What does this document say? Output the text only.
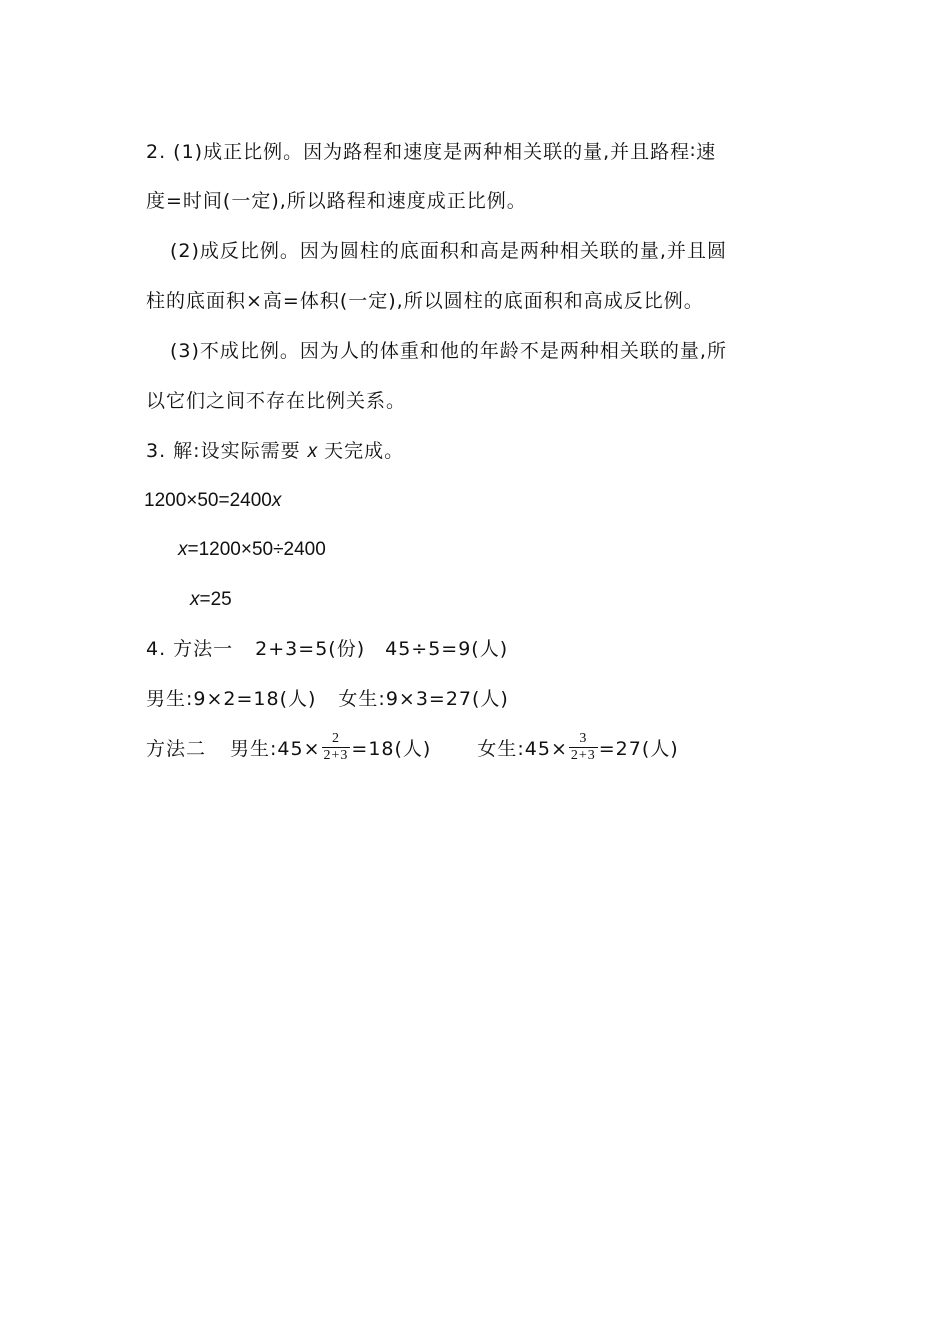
2. (1)成正比例。因为路程和速度是两种相关联的量,并且路程∶速
度=时间(一定),所以路程和速度成正比例。
(2)成反比例。因为圆柱的底面积和高是两种相关联的量,并且圆
柱的底面积×高=体积(一定),所以圆柱的底面积和高成反比例。
(3)不成比例。因为人的体重和他的年龄不是两种相关联的量,所
以它们之间不存在比例关系。
3. 解:设实际需要 x 天完成。
1200×50=2400x
x=1200×50÷2400
x=25
4. 方法一 2+3=5(份) 45÷5=9(人)
男生:9×2=18(人) 女生:9×3=27(人)
方法二 男生:45× $\frac{2}{2+3} =18$(人) 女生:45× $\frac{3}{2+3} =27$(人)
